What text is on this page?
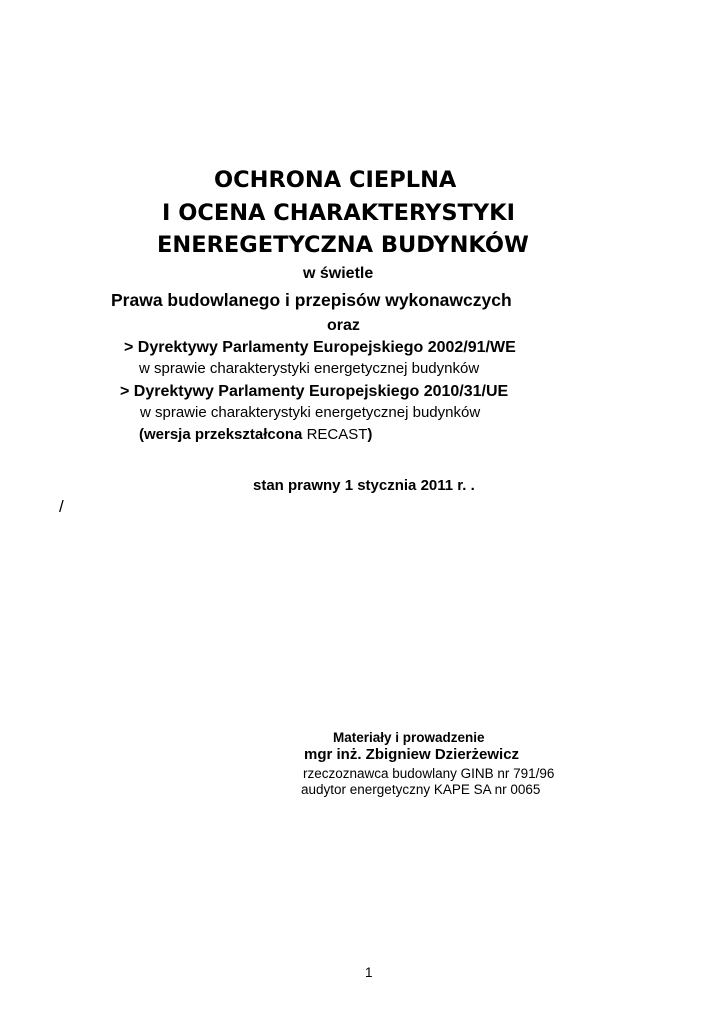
OCHRONA CIEPLNA
I OCENA CHARAKTERYSTYKI
ENEREGETYCZNA BUDYNKÓW
w świetle
Prawa budowlanego i przepisów wykonawczych
oraz
> Dyrektywy Parlamenty Europejskiego 2002/91/WE
w sprawie charakterystyki energetycznej budynków
> Dyrektywy Parlamenty Europejskiego 2010/31/UE
w sprawie charakterystyki energetycznej budynków
(wersja przekształcona RECAST)
stan prawny 1 stycznia 2011 r. .
/
Materiały i prowadzenie
mgr inż. Zbigniew Dzierżewicz
rzeczoznawca budowlany GINB nr 791/96
audytor energetyczny KAPE SA nr 0065
1
